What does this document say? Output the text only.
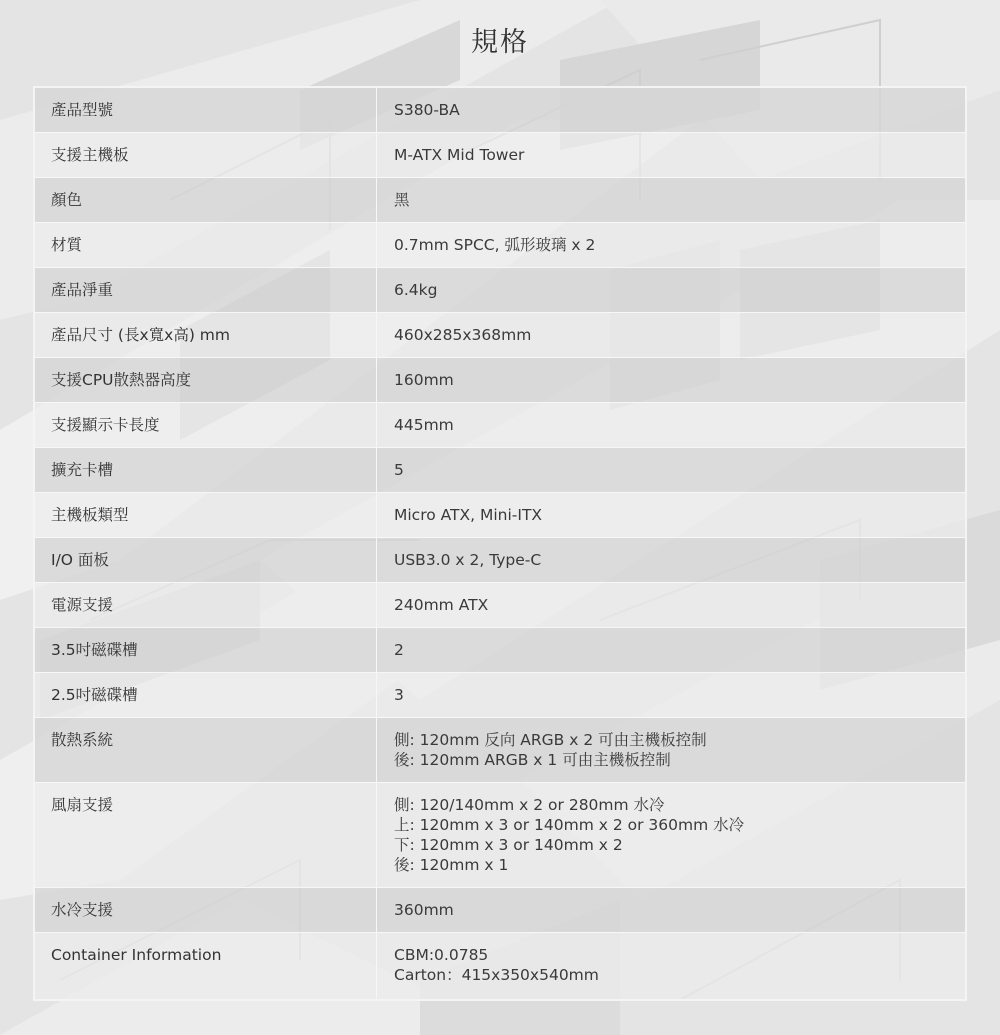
規格
產品型號	S380-BA
支援主機板	M-ATX Mid Tower
顏色	黑
材質	0.7mm SPCC, 弧形玻璃 x 2
產品淨重	6.4kg
產品尺寸 (長x寬x高) mm	460x285x368mm
支援CPU散熱器高度	160mm
支援顯示卡長度	445mm
擴充卡槽	5
主機板類型	Micro ATX, Mini-ITX
I/O 面板	USB3.0 x 2, Type-C
電源支援	240mm ATX
3.5吋磁碟槽	2
2.5吋磁碟槽	3
散熱系統	側: 120mm 反向 ARGB x 2 可由主機板控制
後: 120mm ARGB x 1 可由主機板控制
風扇支援	側: 120/140mm x 2 or 280mm 水冷
上: 120mm x 3 or 140mm x 2 or 360mm 水冷
下: 120mm x 3 or 140mm x 2
後: 120mm x 1
水冷支援	360mm
Container Information	CBM:0.0785
Carton：415x350x540mm
